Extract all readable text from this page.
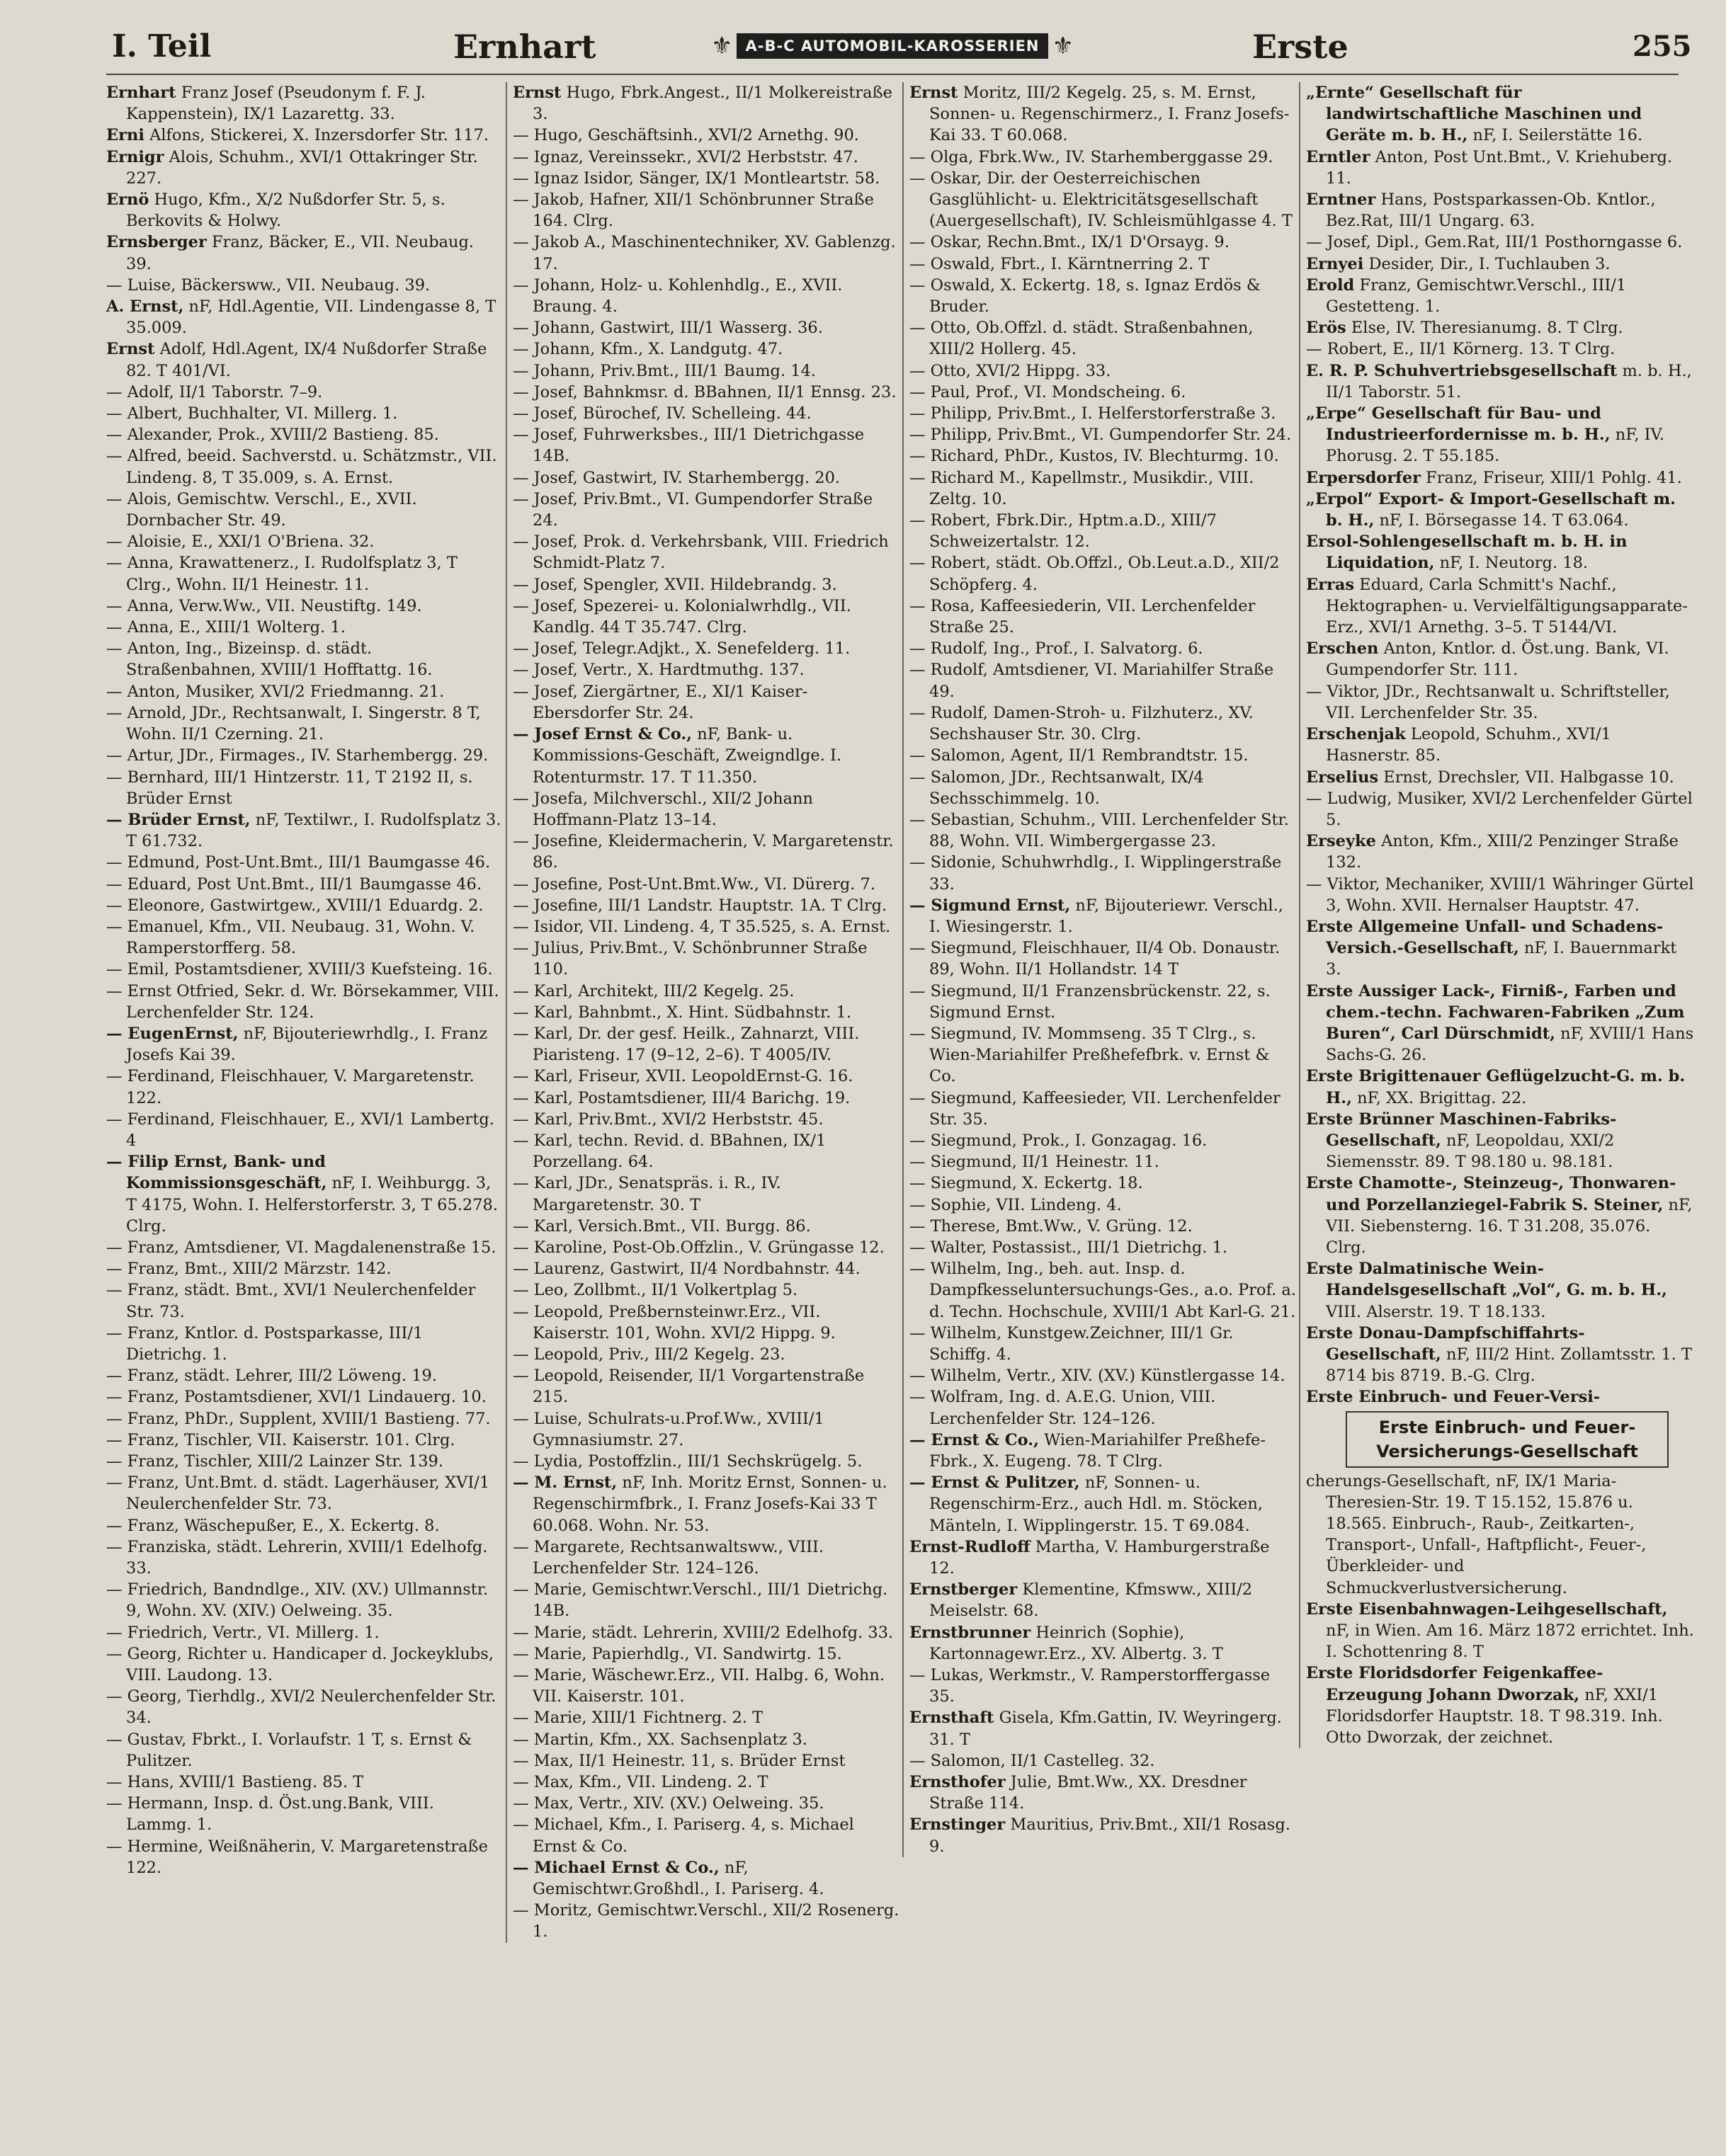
I. Teil	Ernhart	Erste	255
⚜ A-B-C AUTOMOBIL-KAROSSERIEN ⚜
Ernhart Franz Josef (Pseudonym f. F. J. Kappenstein), IX/1 Lazarettg. 33.
Erni Alfons, Stickerei, X. Inzersdorfer Str. 117.
Ernigr Alois, Schuhm., XVI/1 Ottakringer Str. 227.
Ernö Hugo, Kfm., X/2 Nußdorfer Str. 5, s. Berkovits & Holwy.
Ernsberger Franz, Bäcker, E., VII. Neubaug. 39.
— Luise, Bäckersww., VII. Neubaug. 39.
A. Ernst, nF, Hdl.Agentie, VII. Lindengasse 8, T 35.009.
Ernst Adolf, Hdl.Agent, IX/4 Nußdorfer Straße 82. T 401/VI.
— Adolf, II/1 Taborstr. 7–9.
— Albert, Buchhalter, VI. Millerg. 1.
— Alexander, Prok., XVIII/2 Bastieng. 85.
— Alfred, beeid. Sachverstd. u. Schätzmstr., VII. Lindeng. 8, T 35.009, s. A. Ernst.
— Alois, Gemischtw. Verschl., E., XVII. Dornbacher Str. 49.
— Aloisie, E., XXI/1 O'Briena. 32.
— Anna, Krawattenerz., I. Rudolfsplatz 3, T Clrg., Wohn. II/1 Heinestr. 11.
— Anna, Verw.Ww., VII. Neustiftg. 149.
— Anna, E., XIII/1 Wolterg. 1.
— Anton, Ing., Bizeinsp. d. städt. Straßenbahnen, XVIII/1 Hofftattg. 16.
— Anton, Musiker, XVI/2 Friedmanng. 21.
— Arnold, JDr., Rechtsanwalt, I. Singerstr. 8 T, Wohn. II/1 Czerning. 21.
— Artur, JDr., Firmages., IV. Starhembergg. 29.
— Bernhard, III/1 Hintzerstr. 11, T 2192 II, s. Brüder Ernst
— Brüder Ernst, nF, Textilwr., I. Rudolfsplatz 3. T 61.732.
— Edmund, Post-Unt.Bmt., III/1 Baumgasse 46.
— Eduard, Post Unt.Bmt., III/1 Baumgasse 46.
— Eleonore, Gastwirtgew., XVIII/1 Eduardg. 2.
— Emanuel, Kfm., VII. Neubaug. 31, Wohn. V. Ramperstorfferg. 58.
— Emil, Postamtsdiener, XVIII/3 Kuefsteing. 16.
— Ernst Otfried, Sekr. d. Wr. Börsekammer, VIII. Lerchenfelder Str. 124.
— EugenErnst, nF, Bijouteriewrhdlg., I. Franz Josefs Kai 39.
— Ferdinand, Fleischhauer, V. Margaretenstr. 122.
— Ferdinand, Fleischhauer, E., XVI/1 Lambertg. 4
— Filip Ernst, Bank- und Kommissionsgeschäft, nF, I. Weihburgg. 3, T 4175, Wohn. I. Helferstorferstr. 3, T 65.278. Clrg.
— Franz, Amtsdiener, VI. Magdalenenstraße 15.
— Franz, Bmt., XIII/2 Märzstr. 142.
— Franz, städt. Bmt., XVI/1 Neulerchenfelder Str. 73.
— Franz, Kntlor. d. Postsparkasse, III/1 Dietrichg. 1.
— Franz, städt. Lehrer, III/2 Löweng. 19.
— Franz, Postamtsdiener, XVI/1 Lindauerg. 10.
— Franz, PhDr., Supplent, XVIII/1 Bastieng. 77.
— Franz, Tischler, VII. Kaiserstr. 101. Clrg.
— Franz, Tischler, XIII/2 Lainzer Str. 139.
— Franz, Unt.Bmt. d. städt. Lagerhäuser, XVI/1 Neulerchenfelder Str. 73.
— Franz, Wäschepußer, E., X. Eckertg. 8.
— Franziska, städt. Lehrerin, XVIII/1 Edelhofg. 33.
— Friedrich, Bandndlge., XIV. (XV.) Ullmannstr. 9, Wohn. XV. (XIV.) Oelweing. 35.
— Friedrich, Vertr., VI. Millerg. 1.
— Georg, Richter u. Handicaper d. Jockeyklubs, VIII. Laudong. 13.
— Georg, Tierhdlg., XVI/2 Neulerchenfelder Str. 34.
— Gustav, Fbrkt., I. Vorlaufstr. 1 T, s. Ernst & Pulitzer.
— Hans, XVIII/1 Bastieng. 85. T
— Hermann, Insp. d. Öst.ung.Bank, VIII. Lammg. 1.
— Hermine, Weißnäherin, V. Margaretenstraße 122.
Ernst Hugo, Fbrk.Angest., II/1 Molkereistraße 3.
— Hugo, Geschäftsinh., XVI/2 Arnethg. 90.
— Ignaz, Vereinssekr., XVI/2 Herbststr. 47.
— Ignaz Isidor, Sänger, IX/1 Montleartstr. 58.
— Jakob, Hafner, XII/1 Schönbrunner Straße 164. Clrg.
— Jakob A., Maschinentechniker, XV. Gablenzg. 17.
— Johann, Holz- u. Kohlenhdlg., E., XVII. Braung. 4.
— Johann, Gastwirt, III/1 Wasserg. 36.
— Johann, Kfm., X. Landgutg. 47.
— Johann, Priv.Bmt., III/1 Baumg. 14.
— Josef, Bahnkmsr. d. BBahnen, II/1 Ennsg. 23.
— Josef, Bürochef, IV. Schelleing. 44.
— Josef, Fuhrwerksbes., III/1 Dietrichgasse 14B.
— Josef, Gastwirt, IV. Starhembergg. 20.
— Josef, Priv.Bmt., VI. Gumpendorfer Straße 24.
— Josef, Prok. d. Verkehrsbank, VIII. Friedrich Schmidt-Platz 7.
— Josef, Spengler, XVII. Hildebrandg. 3.
— Josef, Spezerei- u. Kolonialwrhdlg., VII. Kandlg. 44 T 35.747. Clrg.
— Josef, Telegr.Adjkt., X. Senefelderg. 11.
— Josef, Vertr., X. Hardtmuthg. 137.
— Josef, Ziergärtner, E., XI/1 Kaiser-Ebersdorfer Str. 24.
— Josef Ernst & Co., nF, Bank- u. Kommissions-Geschäft, Zweigndlge. I. Rotenturmstr. 17. T 11.350.
— Josefa, Milchverschl., XII/2 Johann Hoffmann-Platz 13–14.
— Josefine, Kleidermacherin, V. Margaretenstr. 86.
— Josefine, Post-Unt.Bmt.Ww., VI. Dürerg. 7.
— Josefine, III/1 Landstr. Hauptstr. 1A. T Clrg.
— Isidor, VII. Lindeng. 4, T 35.525, s. A. Ernst.
— Julius, Priv.Bmt., V. Schönbrunner Straße 110.
— Karl, Architekt, III/2 Kegelg. 25.
— Karl, Bahnbmt., X. Hint. Südbahnstr. 1.
— Karl, Dr. der gesf. Heilk., Zahnarzt, VIII. Piaristeng. 17 (9–12, 2–6). T 4005/IV.
— Karl, Friseur, XVII. LeopoldErnst-G. 16.
— Karl, Postamtsdiener, III/4 Barichg. 19.
— Karl, Priv.Bmt., XVI/2 Herbststr. 45.
— Karl, techn. Revid. d. BBahnen, IX/1 Porzellang. 64.
— Karl, JDr., Senatspräs. i. R., IV. Margaretenstr. 30. T
— Karl, Versich.Bmt., VII. Burgg. 86.
— Karoline, Post-Ob.Offzlin., V. Grüngasse 12.
— Laurenz, Gastwirt, II/4 Nordbahnstr. 44.
— Leo, Zollbmt., II/1 Volkertplag 5.
— Leopold, Preßbernsteinwr.Erz., VII. Kaiserstr. 101, Wohn. XVI/2 Hippg. 9.
— Leopold, Priv., III/2 Kegelg. 23.
— Leopold, Reisender, II/1 Vorgartenstraße 215.
— Luise, Schulrats-u.Prof.Ww., XVIII/1 Gymnasiumstr. 27.
— Lydia, Postoffzlin., III/1 Sechskrügelg. 5.
— M. Ernst, nF, Inh. Moritz Ernst, Sonnen- u. Regenschirmfbrk., I. Franz Josefs-Kai 33 T 60.068. Wohn. Nr. 53.
— Margarete, Rechtsanwaltsww., VIII. Lerchenfelder Str. 124–126.
— Marie, Gemischtwr.Verschl., III/1 Dietrichg. 14B.
— Marie, städt. Lehrerin, XVIII/2 Edelhofg. 33.
— Marie, Papierhdlg., VI. Sandwirtg. 15.
— Marie, Wäschewr.Erz., VII. Halbg. 6, Wohn. VII. Kaiserstr. 101.
— Marie, XIII/1 Fichtnerg. 2. T
— Martin, Kfm., XX. Sachsenplatz 3.
— Max, II/1 Heinestr. 11, s. Brüder Ernst
— Max, Kfm., VII. Lindeng. 2. T
— Max, Vertr., XIV. (XV.) Oelweing. 35.
— Michael, Kfm., I. Pariserg. 4, s. Michael Ernst & Co.
— Michael Ernst & Co., nF, Gemischtwr.Großhdl., I. Pariserg. 4.
— Moritz, Gemischtwr.Verschl., XII/2 Rosenerg. 1.
Ernst Moritz, III/2 Kegelg. 25, s. M. Ernst, Sonnen- u. Regenschirmerz., I. Franz Josefs-Kai 33. T 60.068.
— Olga, Fbrk.Ww., IV. Starhemberggasse 29.
— Oskar, Dir. der Oesterreichischen Gasglühlicht- u. Elektricitätsgesellschaft (Auergesellschaft), IV. Schleismühlgasse 4. T
— Oskar, Rechn.Bmt., IX/1 D'Orsayg. 9.
— Oswald, Fbrt., I. Kärntnerring 2. T
— Oswald, X. Eckertg. 18, s. Ignaz Erdös & Bruder.
— Otto, Ob.Offzl. d. städt. Straßenbahnen, XIII/2 Hollerg. 45.
— Otto, XVI/2 Hippg. 33.
— Paul, Prof., VI. Mondscheing. 6.
— Philipp, Priv.Bmt., I. Helferstorferstraße 3.
— Philipp, Priv.Bmt., VI. Gumpendorfer Str. 24.
— Richard, PhDr., Kustos, IV. Blechturmg. 10.
— Richard M., Kapellmstr., Musikdir., VIII. Zeltg. 10.
— Robert, Fbrk.Dir., Hptm.a.D., XIII/7 Schweizertalstr. 12.
— Robert, städt. Ob.Offzl., Ob.Leut.a.D., XII/2 Schöpferg. 4.
— Rosa, Kaffeesiederin, VII. Lerchenfelder Straße 25.
— Rudolf, Ing., Prof., I. Salvatorg. 6.
— Rudolf, Amtsdiener, VI. Mariahilfer Straße 49.
— Rudolf, Damen-Stroh- u. Filzhuterz., XV. Sechshauser Str. 30. Clrg.
— Salomon, Agent, II/1 Rembrandtstr. 15.
— Salomon, JDr., Rechtsanwalt, IX/4 Sechsschimmelg. 10.
— Sebastian, Schuhm., VIII. Lerchenfelder Str. 88, Wohn. VII. Wimbergergasse 23.
— Sidonie, Schuhwrhdlg., I. Wipplingerstraße 33.
— Sigmund Ernst, nF, Bijouteriewr. Verschl., I. Wiesingerstr. 1.
— Siegmund, Fleischhauer, II/4 Ob. Donaustr. 89, Wohn. II/1 Hollandstr. 14 T
— Siegmund, II/1 Franzensbrückenstr. 22, s. Sigmund Ernst.
— Siegmund, IV. Mommseng. 35 T Clrg., s. Wien-Mariahilfer Preßhefefbrk. v. Ernst & Co.
— Siegmund, Kaffeesieder, VII. Lerchenfelder Str. 35.
— Siegmund, Prok., I. Gonzagag. 16.
— Siegmund, II/1 Heinestr. 11.
— Siegmund, X. Eckertg. 18.
— Sophie, VII. Lindeng. 4.
— Therese, Bmt.Ww., V. Grüng. 12.
— Walter, Postassist., III/1 Dietrichg. 1.
— Wilhelm, Ing., beh. aut. Insp. d. Dampfkesseluntersuchungs-Ges., a.o. Prof. a. d. Techn. Hochschule, XVIII/1 Abt Karl-G. 21.
— Wilhelm, Kunstgew.Zeichner, III/1 Gr. Schiffg. 4.
— Wilhelm, Vertr., XIV. (XV.) Künstlergasse 14.
— Wolfram, Ing. d. A.E.G. Union, VIII. Lerchenfelder Str. 124–126.
— Ernst & Co., Wien-Mariahilfer Preßhefe-Fbrk., X. Eugeng. 78. T Clrg.
— Ernst & Pulitzer, nF, Sonnen- u. Regenschirm-Erz., auch Hdl. m. Stöcken, Mänteln, I. Wipplingerstr. 15. T 69.084.
Ernst-Rudloff Martha, V. Hamburgerstraße 12.
Ernstberger Klementine, Kfmsww., XIII/2 Meiselstr. 68.
Ernstbrunner Heinrich (Sophie), Kartonnagewr.Erz., XV. Albertg. 3. T
— Lukas, Werkmstr., V. Ramperstorffergasse 35.
Ernsthaft Gisela, Kfm.Gattin, IV. Weyringerg. 31. T
— Salomon, II/1 Castelleg. 32.
Ernsthofer Julie, Bmt.Ww., XX. Dresdner Straße 114.
Ernstinger Mauritius, Priv.Bmt., XII/1 Rosasg. 9.
„Ernte“ Gesellschaft für landwirtschaftliche Maschinen und Geräte m. b. H., nF, I. Seilerstätte 16.
Erntler Anton, Post Unt.Bmt., V. Kriehuberg. 11.
Erntner Hans, Postsparkassen-Ob. Kntlor., Bez.Rat, III/1 Ungarg. 63.
— Josef, Dipl., Gem.Rat, III/1 Posthorngasse 6.
Ernyei Desider, Dir., I. Tuchlauben 3.
Erold Franz, Gemischtwr.Verschl., III/1 Gestetteng. 1.
Erös Else, IV. Theresianumg. 8. T Clrg.
— Robert, E., II/1 Körnerg. 13. T Clrg.
E. R. P. Schuhvertriebsgesellschaft m. b. H., II/1 Taborstr. 51.
„Erpe“ Gesellschaft für Bau- und Industrieerfordernisse m. b. H., nF, IV. Phorusg. 2. T 55.185.
Erpersdorfer Franz, Friseur, XIII/1 Pohlg. 41.
„Erpol“ Export- & Import-Gesellschaft m. b. H., nF, I. Börsegasse 14. T 63.064.
Ersol-Sohlengesellschaft m. b. H. in Liquidation, nF, I. Neutorg. 18.
Erras Eduard, Carla Schmitt's Nachf., Hektographen- u. Vervielfältigungsapparate-Erz., XVI/1 Arnethg. 3–5. T 5144/VI.
Erschen Anton, Kntlor. d. Öst.ung. Bank, VI. Gumpendorfer Str. 111.
— Viktor, JDr., Rechtsanwalt u. Schriftsteller, VII. Lerchenfelder Str. 35.
Erschenjak Leopold, Schuhm., XVI/1 Hasnerstr. 85.
Erselius Ernst, Drechsler, VII. Halbgasse 10.
— Ludwig, Musiker, XVI/2 Lerchenfelder Gürtel 5.
Erseyke Anton, Kfm., XIII/2 Penzinger Straße 132.
— Viktor, Mechaniker, XVIII/1 Währinger Gürtel 3, Wohn. XVII. Hernalser Hauptstr. 47.
Erste Allgemeine Unfall- und Schadens-Versich.-Gesellschaft, nF, I. Bauernmarkt 3.
Erste Aussiger Lack-, Firniß-, Farben und chem.-techn. Fachwaren-Fabriken „Zum Buren“, Carl Dürschmidt, nF, XVIII/1 Hans Sachs-G. 26.
Erste Brigittenauer Geflügelzucht-G. m. b. H., nF, XX. Brigittag. 22.
Erste Brünner Maschinen-Fabriks-Gesellschaft, nF, Leopoldau, XXI/2 Siemensstr. 89. T 98.180 u. 98.181.
Erste Chamotte-, Steinzeug-, Thonwaren- und Porzellanziegel-Fabrik S. Steiner, nF, VII. Siebensterng. 16. T 31.208, 35.076. Clrg.
Erste Dalmatinische Wein-Handelsgesellschaft „Vol“, G. m. b. H., VIII. Alserstr. 19. T 18.133.
Erste Donau-Dampfschiffahrts-Gesellschaft, nF, III/2 Hint. Zollamtsstr. 1. T 8714 bis 8719. B.-G. Clrg.
Erste Einbruch- und Feuer-Versi-
Erste Einbruch- und Feuer-Versicherungs-Gesellschaft
cherungs-Gesellschaft, nF, IX/1 Maria-Theresien-Str. 19. T 15.152, 15.876 u. 18.565. Einbruch-, Raub-, Zeitkarten-, Transport-, Unfall-, Haftpflicht-, Feuer-, Überkleider- und Schmuckverlustversicherung.
Erste Eisenbahnwagen-Leihgesellschaft, nF, in Wien. Am 16. März 1872 errichtet. Inh. I. Schottenring 8. T
Erste Floridsdorfer Feigenkaffee-Erzeugung Johann Dworzak, nF, XXI/1 Floridsdorfer Hauptstr. 18. T 98.319. Inh. Otto Dworzak, der zeichnet.
